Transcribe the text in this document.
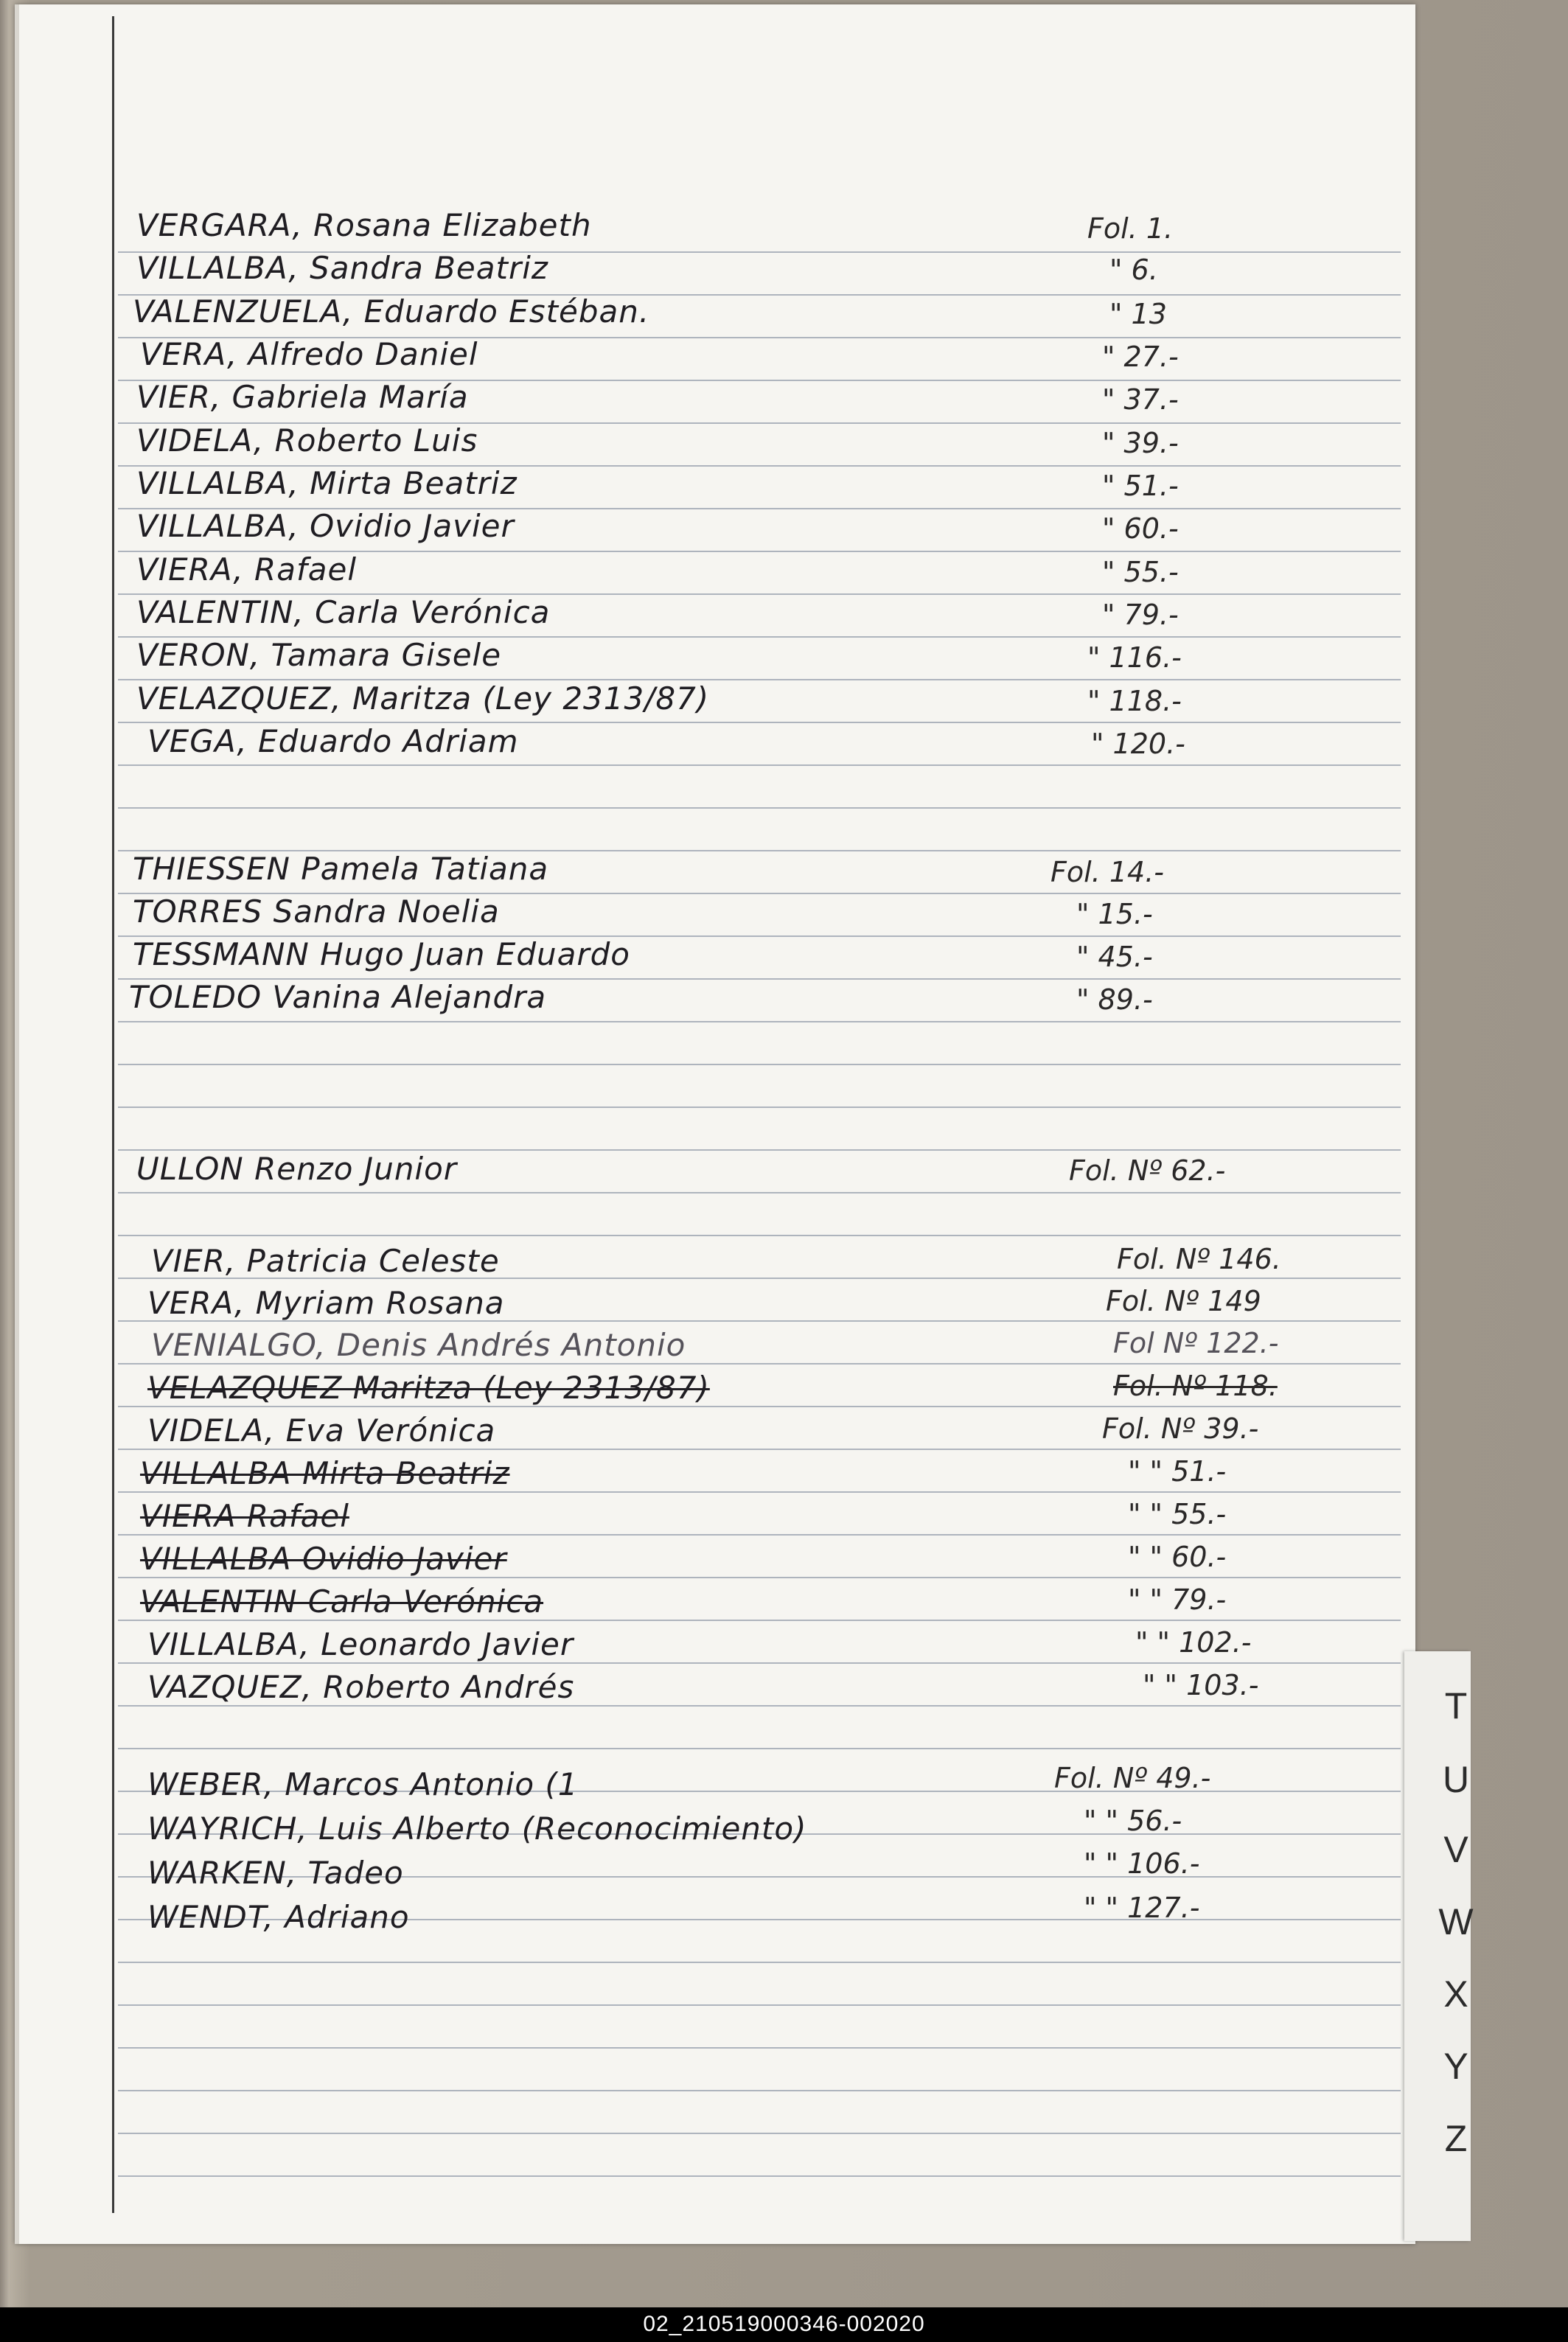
VERGARA, Rosana Elizabeth	Fol. 1.
VILLALBA, Sandra Beatriz	" 6.
VALENZUELA, Eduardo Estéban.	" 13
VERA, Alfredo Daniel	" 27.-
VIER, Gabriela María	" 37.-
VIDELA, Roberto Luis	" 39.-
VILLALBA, Mirta Beatriz	" 51.-
VILLALBA, Ovidio Javier	" 60.-
VIERA, Rafael	" 55.-
VALENTIN, Carla Verónica	" 79.-
VERON, Tamara Gisele	" 116.-
VELAZQUEZ, Maritza (Ley 2313/87)	" 118.-
VEGA, Eduardo Adriam	" 120.-
THIESSEN Pamela Tatiana	Fol. 14.-
TORRES Sandra Noelia	" 15.-
TESSMANN Hugo Juan Eduardo	" 45.-
TOLEDO Vanina Alejandra	" 89.-
ULLON Renzo Junior	Fol. Nº 62.-
VIER, Patricia Celeste	Fol. Nº 146.
VERA, Myriam Rosana	Fol. Nº 149
VENIALGO, Denis Andrés Antonio	Fol Nº 122.-
VELAZQUEZ Maritza (Ley 2313/87)	Fol. Nº 118.
VIDELA, Eva Verónica	Fol. Nº 39.-
VILLALBA Mirta Beatriz	" " 51.-
VIERA Rafael	" " 55.-
VILLALBA Ovidio Javier	" " 60.-
VALENTIN Carla Verónica	" " 79.-
VILLALBA, Leonardo Javier	" " 102.-
VAZQUEZ, Roberto Andrés	" " 103.-
WEBER, Marcos Antonio (1	Fol. Nº 49.-
WAYRICH, Luis Alberto (Reconocimiento)	" " 56.-
WARKEN, Tadeo	" " 106.-
WENDT, Adriano	" " 127.-
T
U
V
W
X
Y
Z
02_210519000346-002020
